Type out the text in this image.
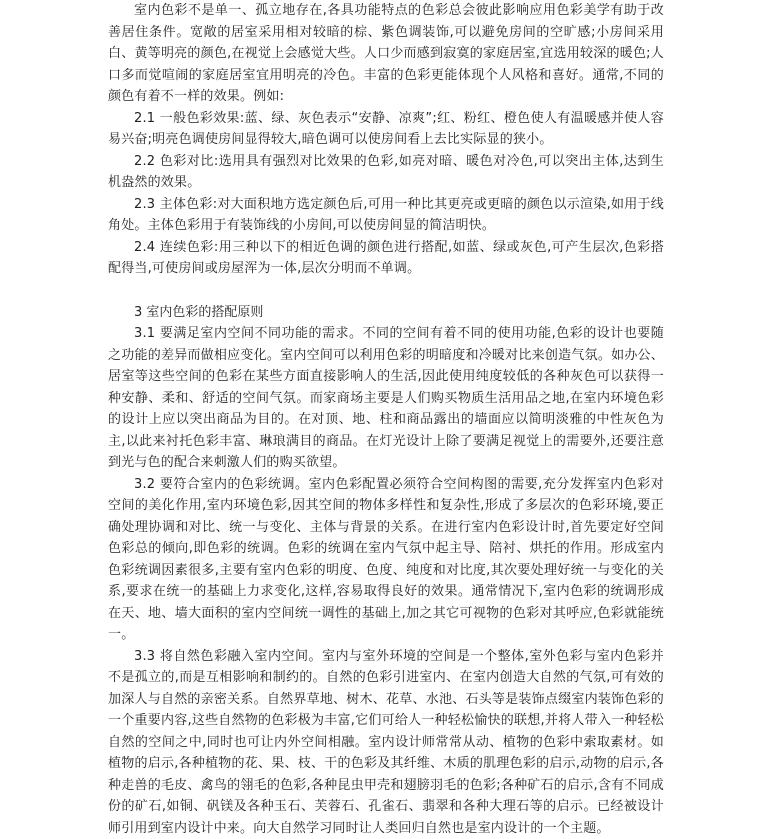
室内色彩不是单一、孤立地存在,各具功能特点的色彩总会彼此影响应用色彩美学有助于改善居住条件。宽敞的居室采用相对较暗的棕、紫色调装饰,可以避免房间的空旷感;小房间采用白、黄等明亮的颜色,在视觉上会感觉大些。人口少而感到寂寞的家庭居室,宜选用较深的暖色;人口多而觉喧闹的家庭居室宜用明亮的冷色。丰富的色彩更能体现个人风格和喜好。通常,不同的颜色有着不一样的效果。例如:

2.1 一般色彩效果:蓝、绿、灰色表示“安静、凉爽”;红、粉红、橙色使人有温暖感并使人容易兴奋;明亮色调使房间显得较大,暗色调可以使房间看上去比实际显的狭小。

2.2 色彩对比:选用具有强烈对比效果的色彩,如亮对暗、暖色对冷色,可以突出主体,达到生机盎然的效果。

2.3 主体色彩:对大面积地方选定颜色后,可用一种比其更亮或更暗的颜色以示渲染,如用于线角处。主体色彩用于有装饰线的小房间,可以使房间显的简洁明快。

2.4 连续色彩:用三种以下的相近色调的颜色进行搭配,如蓝、绿或灰色,可产生层次,色彩搭配得当,可使房间或房屋浑为一体,层次分明而不单调。

3 室内色彩的搭配原则

3.1 要满足室内空间不同功能的需求。不同的空间有着不同的使用功能,色彩的设计也要随之功能的差异而做相应变化。室内空间可以利用色彩的明暗度和冷暖对比来创造气氛。如办公、居室等这些空间的色彩在某些方面直接影响人的生活,因此使用纯度较低的各种灰色可以获得一种安静、柔和、舒适的空间气氛。而家商场主要是人们购买物质生活用品之地,在室内环境色彩的设计上应以突出商品为目的。在对顶、地、柱和商品露出的墙面应以简明淡雅的中性灰色为主,以此来衬托色彩丰富、琳琅满目的商品。在灯光设计上除了要满足视觉上的需要外,还要注意到光与色的配合来刺激人们的购买欲望。

3.2 要符合室内的色彩统调。室内色彩配置必须符合空间构图的需要,充分发挥室内色彩对空间的美化作用,室内环境色彩,因其空间的物体多样性和复杂性,形成了多层次的色彩环境,要正确处理协调和对比、统一与变化、主体与背景的关系。在进行室内色彩设计时,首先要定好空间色彩总的倾向,即色彩的统调。色彩的统调在室内气氛中起主导、陪衬、烘托的作用。形成室内色彩统调因素很多,主要有室内色彩的明度、色度、纯度和对比度,其次要处理好统一与变化的关系,要求在统一的基础上力求变化,这样,容易取得良好的效果。通常情况下,室内色彩的统调形成在天、地、墙大面积的室内空间统一调性的基础上,加之其它可视物的色彩对其呼应,色彩就能统一。

3.3 将自然色彩融入室内空间。室内与室外环境的空间是一个整体,室外色彩与室内色彩并不是孤立的,而是互相影响和制约的。自然的色彩引进室内、在室内创造大自然的气氛,可有效的加深人与自然的亲密关系。自然界草地、树木、花草、水池、石头等是装饰点缀室内装饰色彩的一个重要内容,这些自然物的色彩极为丰富,它们可给人一种轻松愉快的联想,并将人带入一种轻松自然的空间之中,同时也可让内外空间相融。室内设计师常常从动、植物的色彩中索取素材。如植物的启示,各种植物的花、果、枝、干的色彩及其纤维、木质的肌理色彩的启示,动物的启示,各种走兽的毛皮、禽鸟的翎毛的色彩,各种昆虫甲壳和翅膀羽毛的色彩;各种矿石的启示,含有不同成份的矿石,如铜、矾镁及各种玉石、芙蓉石、孔雀石、翡翠和各种大理石等的启示。已经被设计师引用到室内设计中来。向大自然学习同时让人类回归自然也是室内设计的一个主题。
